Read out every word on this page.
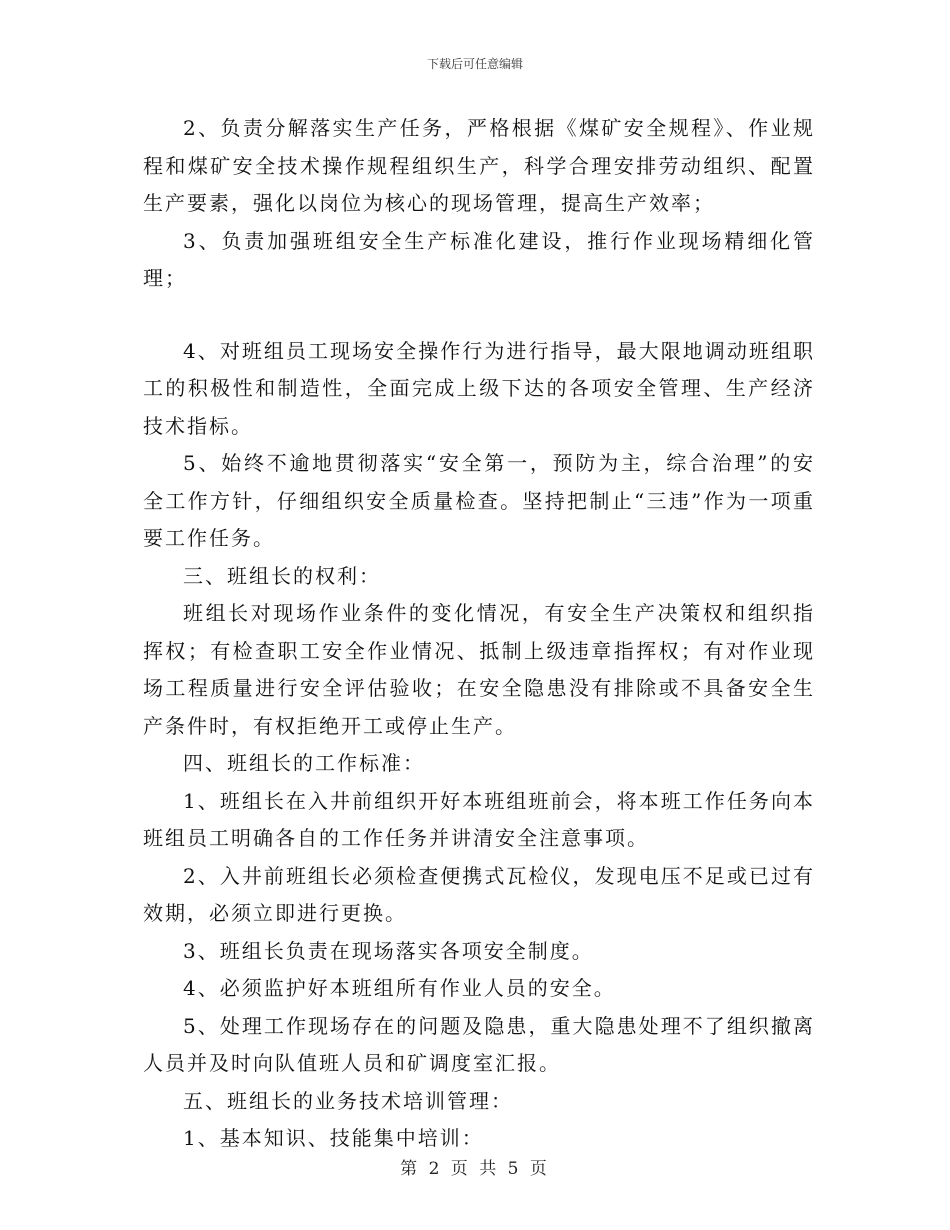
下载后可任意编辑

2、负责分解落实生产任务，严格根据《煤矿安全规程》、作业规程和煤矿安全技术操作规程组织生产，科学合理安排劳动组织、配置生产要素，强化以岗位为核心的现场管理，提高生产效率；

3、负责加强班组安全生产标准化建设，推行作业现场精细化管理；

4、对班组员工现场安全操作行为进行指导，最大限地调动班组职工的积极性和制造性，全面完成上级下达的各项安全管理、生产经济技术指标。

5、始终不逾地贯彻落实“安全第一，预防为主，综合治理”的安全工作方针，仔细组织安全质量检查。坚持把制止“三违”作为一项重要工作任务。

三、班组长的权利：

班组长对现场作业条件的变化情况，有安全生产决策权和组织指挥权；有检查职工安全作业情况、抵制上级违章指挥权；有对作业现场工程质量进行安全评估验收；在安全隐患没有排除或不具备安全生产条件时，有权拒绝开工或停止生产。

四、班组长的工作标准：

1、班组长在入井前组织开好本班组班前会，将本班工作任务向本班组员工明确各自的工作任务并讲清安全注意事项。

2、入井前班组长必须检查便携式瓦检仪，发现电压不足或已过有效期，必须立即进行更换。

3、班组长负责在现场落实各项安全制度。

4、必须监护好本班组所有作业人员的安全。

5、处理工作现场存在的问题及隐患，重大隐患处理不了组织撤离人员并及时向队值班人员和矿调度室汇报。

五、班组长的业务技术培训管理：

1、基本知识、技能集中培训：

第 2 页 共 5 页
